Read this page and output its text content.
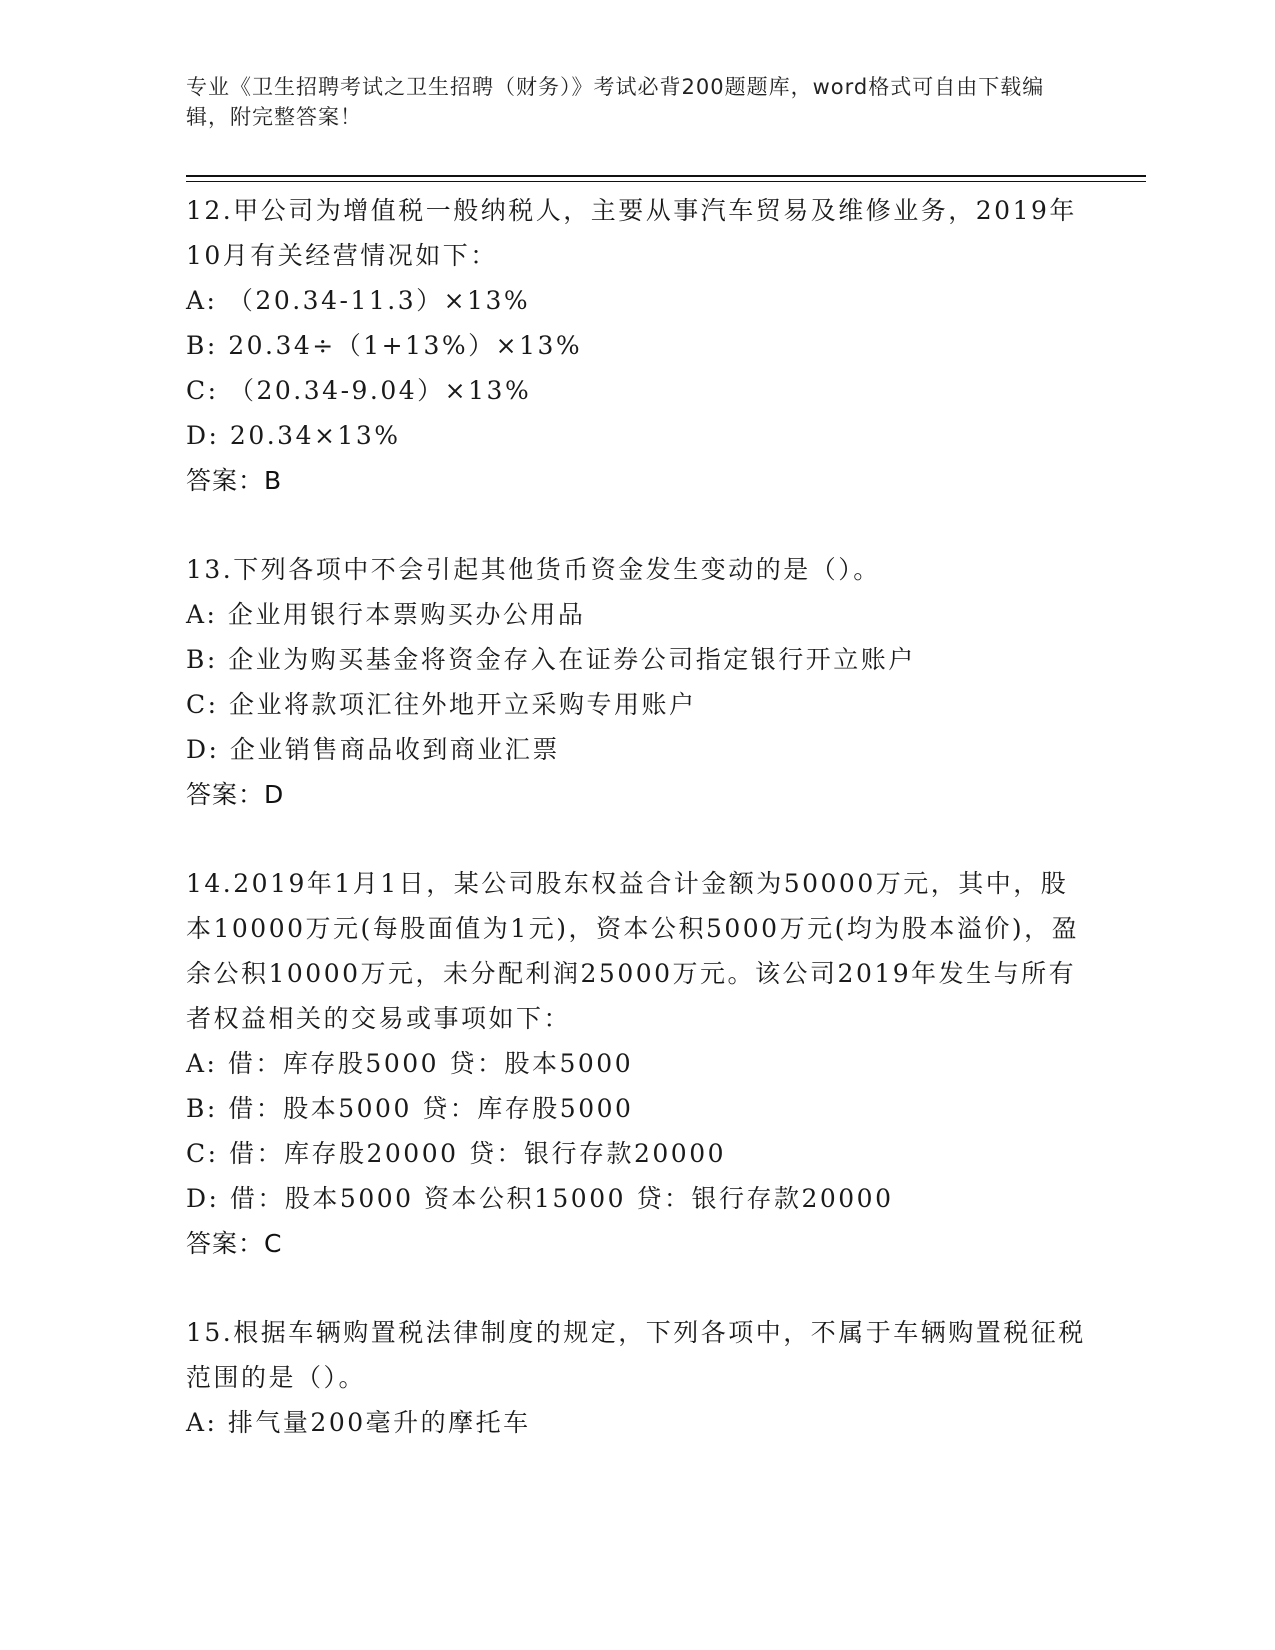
专业《卫生招聘考试之卫生招聘（财务）》考试必背200题题库，word格式可自由下载编辑，附完整答案！
12.甲公司为增值税一般纳税人，主要从事汽车贸易及维修业务，2019年10月有关经营情况如下：
A: （20.34-11.3）×13%
B: 20.34÷（1+13%）×13%
C: （20.34-9.04）×13%
D: 20.34×13%
答案：B
13.下列各项中不会引起其他货币资金发生变动的是（）。
A: 企业用银行本票购买办公用品
B: 企业为购买基金将资金存入在证券公司指定银行开立账户
C: 企业将款项汇往外地开立采购专用账户
D: 企业销售商品收到商业汇票
答案：D
14.2019年1月1日，某公司股东权益合计金额为50000万元，其中，股本10000万元(每股面值为1元)，资本公积5000万元(均为股本溢价)，盈余公积10000万元，未分配利润25000万元。该公司2019年发生与所有者权益相关的交易或事项如下：
A: 借：库存股5000 贷：股本5000
B: 借：股本5000 贷：库存股5000
C: 借：库存股20000 贷：银行存款20000
D: 借：股本5000 资本公积15000 贷：银行存款20000
答案：C
15.根据车辆购置税法律制度的规定，下列各项中，不属于车辆购置税征税范围的是（）。
A: 排气量200毫升的摩托车
